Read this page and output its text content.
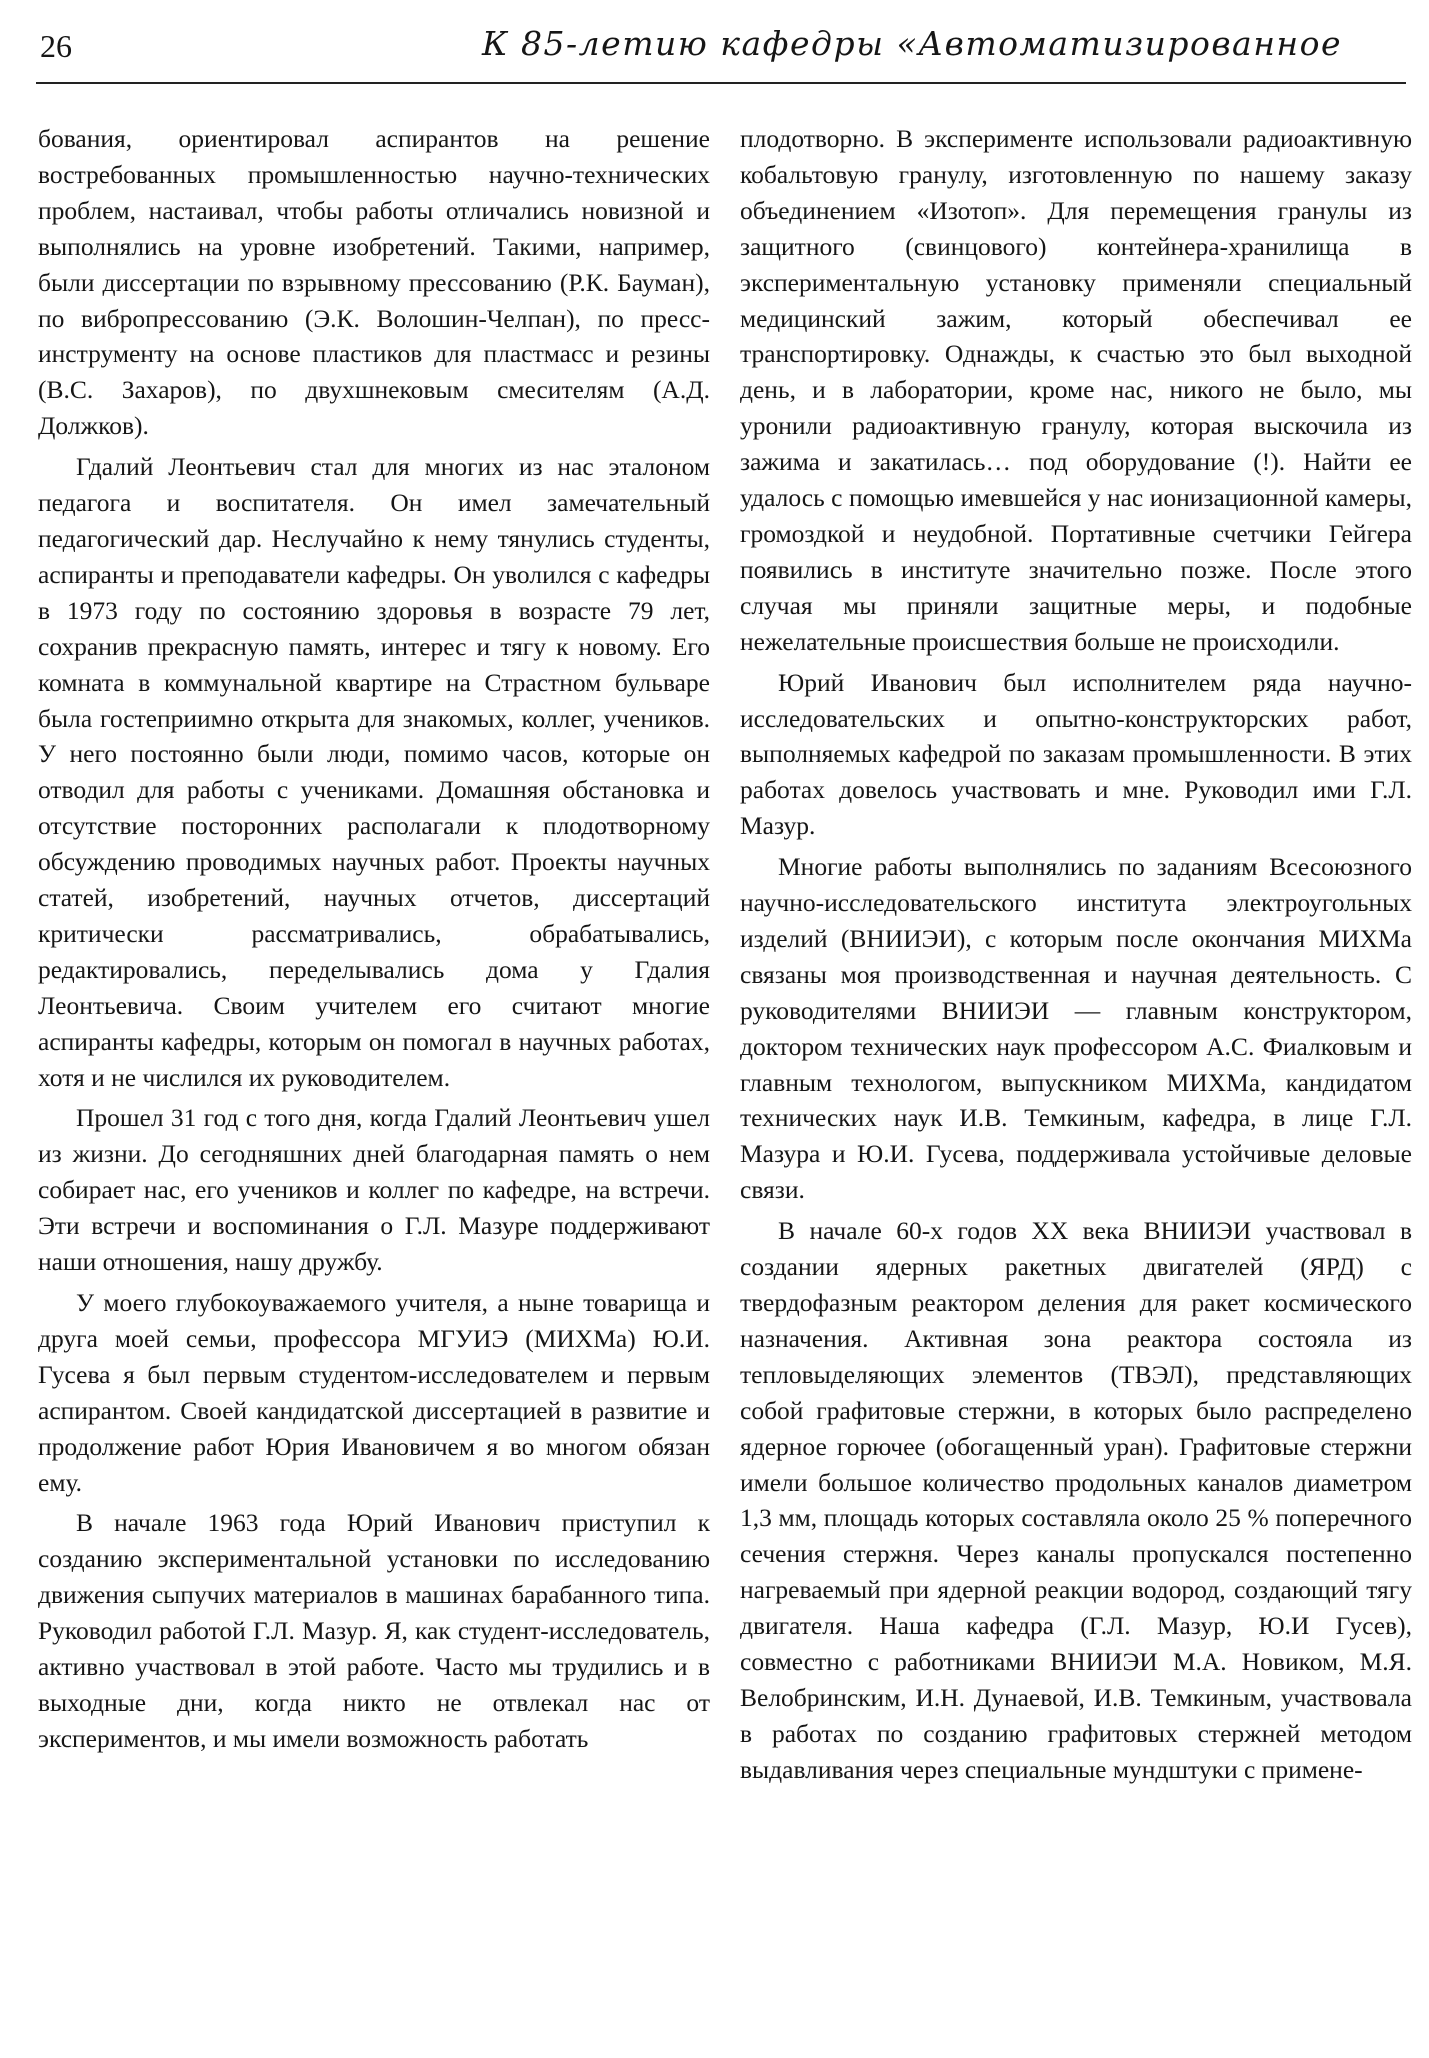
26	К 85-летию кафедры «Автоматизированное

бования, ориентировал аспирантов на решение востребованных промышленностью научно-технических проблем, настаивал, чтобы работы отличались новизной и выполнялись на уровне изобретений. Такими, например, были диссертации по взрывному прессованию (Р.К. Бауман), по вибропрессованию (Э.К. Волошин-Челпан), по пресс-инструменту на основе пластиков для пластмасс и резины (В.С. Захаров), по двухшнековым смесителям (А.Д. Должков).

Гдалий Леонтьевич стал для многих из нас эталоном педагога и воспитателя. Он имел замечательный педагогический дар. Неслучайно к нему тянулись студенты, аспиранты и преподаватели кафедры. Он уволился с кафедры в 1973 году по состоянию здоровья в возрасте 79 лет, сохранив прекрасную память, интерес и тягу к новому. Его комната в коммунальной квартире на Страстном бульваре была гостеприимно открыта для знакомых, коллег, учеников. У него постоянно были люди, помимо часов, которые он отводил для работы с учениками. Домашняя обстановка и отсутствие посторонних располагали к плодотворному обсуждению проводимых научных работ. Проекты научных статей, изобретений, научных отчетов, диссертаций критически рассматривались, обрабатывались, редактировались, переделывались дома у Гдалия Леонтьевича. Своим учителем его считают многие аспиранты кафедры, которым он помогал в научных работах, хотя и не числился их руководителем.

Прошел 31 год с того дня, когда Гдалий Леонтьевич ушел из жизни. До сегодняшних дней благодарная память о нем собирает нас, его учеников и коллег по кафедре, на встречи. Эти встречи и воспоминания о Г.Л. Мазуре поддерживают наши отношения, нашу дружбу.

У моего глубокоуважаемого учителя, а ныне товарища и друга моей семьи, профессора МГУИЭ (МИХМа) Ю.И. Гусева я был первым студентом-исследователем и первым аспирантом. Своей кандидатской диссертацией в развитие и продолжение работ Юрия Ивановичем я во многом обязан ему.

В начале 1963 года Юрий Иванович приступил к созданию экспериментальной установки по исследованию движения сыпучих материалов в машинах барабанного типа. Руководил работой Г.Л. Мазур. Я, как студент-исследователь, активно участвовал в этой работе. Часто мы трудились и в выходные дни, когда никто не отвлекал нас от экспериментов, и мы имели возможность работать

плодотворно. В эксперименте использовали радиоактивную кобальтовую гранулу, изготовленную по нашему заказу объединением «Изотоп». Для перемещения гранулы из защитного (свинцового) контейнера-хранилища в экспериментальную установку применяли специальный медицинский зажим, который обеспечивал ее транспортировку. Однажды, к счастью это был выходной день, и в лаборатории, кроме нас, никого не было, мы уронили радиоактивную гранулу, которая выскочила из зажима и закатилась… под оборудование (!). Найти ее удалось с помощью имевшейся у нас ионизационной камеры, громоздкой и неудобной. Портативные счетчики Гейгера появились в институте значительно позже. После этого случая мы приняли защитные меры, и подобные нежелательные происшествия больше не происходили.

Юрий Иванович был исполнителем ряда научно-исследовательских и опытно-конструкторских работ, выполняемых кафедрой по заказам промышленности. В этих работах довелось участвовать и мне. Руководил ими Г.Л. Мазур.

Многие работы выполнялись по заданиям Всесоюзного научно-исследовательского института электроугольных изделий (ВНИИЭИ), с которым после окончания МИХМа связаны моя производственная и научная деятельность. С руководителями ВНИИЭИ — главным конструктором, доктором технических наук профессором А.С. Фиалковым и главным технологом, выпускником МИХМа, кандидатом технических наук И.В. Темкиным, кафедра, в лице Г.Л. Мазура и Ю.И. Гусева, поддерживала устойчивые деловые связи.

В начале 60-х годов XX века ВНИИЭИ участвовал в создании ядерных ракетных двигателей (ЯРД) с твердофазным реактором деления для ракет космического назначения. Активная зона реактора состояла из тепловыделяющих элементов (ТВЭЛ), представляющих собой графитовые стержни, в которых было распределено ядерное горючее (обогащенный уран). Графитовые стержни имели большое количество продольных каналов диаметром 1,3 мм, площадь которых составляла около 25 % поперечного сечения стержня. Через каналы пропускался постепенно нагреваемый при ядерной реакции водород, создающий тягу двигателя. Наша кафедра (Г.Л. Мазур, Ю.И Гусев), совместно с работниками ВНИИЭИ М.А. Новиком, М.Я. Велобринским, И.Н. Дунаевой, И.В. Темкиным, участвовала в работах по созданию графитовых стержней методом выдавливания через специальные мундштуки с примене-
